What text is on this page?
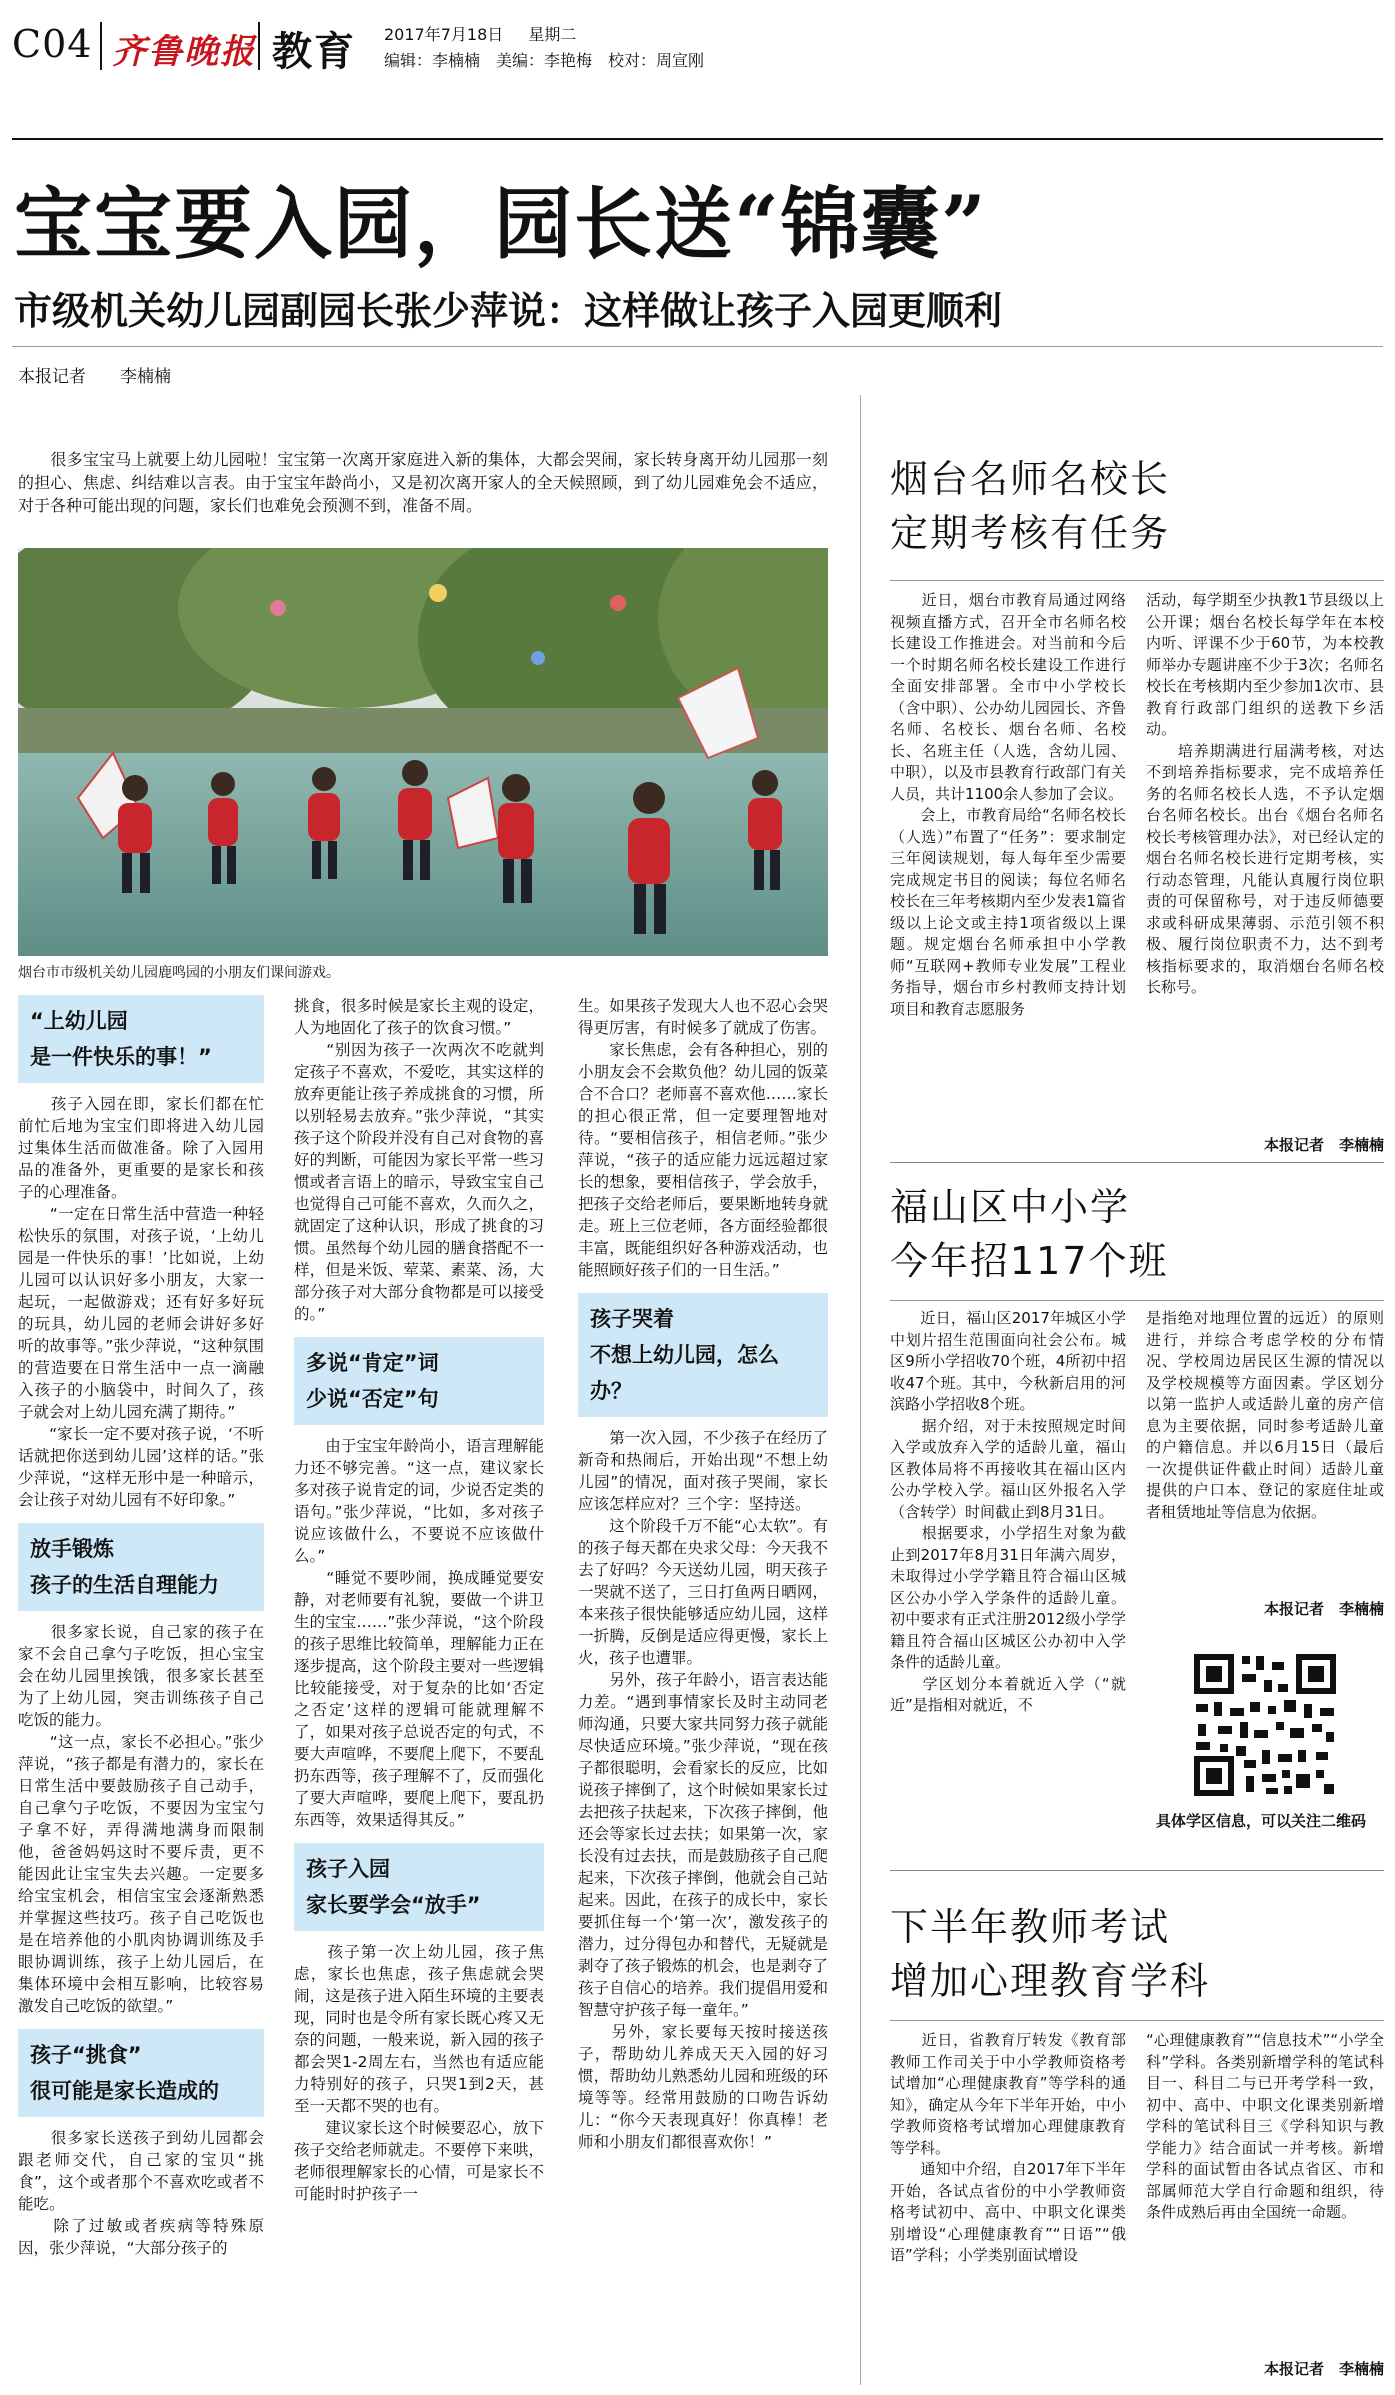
C04 齐鲁晚报 教育 2017年7月18日 星期二
编辑：李楠楠　美编：李艳梅　校对：周宣刚
宝宝要入园，园长送“锦囊”
市级机关幼儿园副园长张少萍说：这样做让孩子入园更顺利
本报记者　　李楠楠

　　很多宝宝马上就要上幼儿园啦！宝宝第一次离开家庭进入新的集体，大都会哭闹，家长转身离开幼儿园那一刻的担心、焦虑、纠结难以言表。由于宝宝年龄尚小，又是初次离开家人的全天候照顾，到了幼儿园难免会不适应，对于各种可能出现的问题，家长们也难免会预测不到，准备不周。

烟台市市级机关幼儿园鹿鸣园的小朋友们课间游戏。
“上幼儿园
是一件快乐的事！”
　　孩子入园在即，家长们都在忙前忙后地为宝宝们即将进入幼儿园过集体生活而做准备。除了入园用品的准备外，更重要的是家长和孩子的心理准备。
　　“一定在日常生活中营造一种轻松快乐的氛围，对孩子说，‘上幼儿园是一件快乐的事！’比如说，上幼儿园可以认识好多小朋友，大家一起玩，一起做游戏；还有好多好玩的玩具，幼儿园的老师会讲好多好听的故事等。”张少萍说，“这种氛围的营造要在日常生活中一点一滴融入孩子的小脑袋中，时间久了，孩子就会对上幼儿园充满了期待。”
　　“家长一定不要对孩子说，‘不听话就把你送到幼儿园’这样的话。”张少萍说，“这样无形中是一种暗示，会让孩子对幼儿园有不好印象。”
放手锻炼
孩子的生活自理能力
　　很多家长说，自己家的孩子在家不会自己拿勺子吃饭，担心宝宝会在幼儿园里挨饿，很多家长甚至为了上幼儿园，突击训练孩子自己吃饭的能力。
　　“这一点，家长不必担心。”张少萍说，“孩子都是有潜力的，家长在日常生活中要鼓励孩子自己动手，自己拿勺子吃饭，不要因为宝宝勺子拿不好，弄得满地满身而限制他，爸爸妈妈这时不要斥责，更不能因此让宝宝失去兴趣。一定要多给宝宝机会，相信宝宝会逐渐熟悉并掌握这些技巧。孩子自己吃饭也是在培养他的小肌肉协调训练及手眼协调训练，孩子上幼儿园后，在集体环境中会相互影响，比较容易激发自己吃饭的欲望。”
孩子“挑食”
很可能是家长造成的
　　很多家长送孩子到幼儿园都会跟老师交代，自己家的宝贝“挑食”，这个或者那个不喜欢吃或者不能吃。
　　除了过敏或者疾病等特殊原因，张少萍说，“大部分孩子的
挑食，很多时候是家长主观的设定，人为地固化了孩子的饮食习惯。”
　　“别因为孩子一次两次不吃就判定孩子不喜欢，不爱吃，其实这样的放弃更能让孩子养成挑食的习惯，所以别轻易去放弃。”张少萍说，“其实孩子这个阶段并没有自己对食物的喜好的判断，可能因为家长平常一些习惯或者言语上的暗示，导致宝宝自己也觉得自己可能不喜欢，久而久之，就固定了这种认识，形成了挑食的习惯。虽然每个幼儿园的膳食搭配不一样，但是米饭、荤菜、素菜、汤，大部分孩子对大部分食物都是可以接受的。”
多说“肯定”词
少说“否定”句
　　由于宝宝年龄尚小，语言理解能力还不够完善。“这一点，建议家长多对孩子说肯定的词，少说否定类的语句。”张少萍说，“比如，多对孩子说应该做什么，不要说不应该做什么。”
　　“睡觉不要吵闹，换成睡觉要安静，对老师要有礼貌，要做一个讲卫生的宝宝……”张少萍说，“这个阶段的孩子思维比较简单，理解能力正在逐步提高，这个阶段主要对一些逻辑比较能接受，对于复杂的比如‘否定之否定’这样的逻辑可能就理解不了，如果对孩子总说否定的句式，不要大声喧哗，不要爬上爬下，不要乱扔东西等，孩子理解不了，反而强化了要大声喧哗，要爬上爬下，要乱扔东西等，效果适得其反。”
孩子入园
家长要学会“放手”
　　孩子第一次上幼儿园，孩子焦虑，家长也焦虑，孩子焦虑就会哭闹，这是孩子进入陌生环境的主要表现，同时也是令所有家长既心疼又无奈的问题，一般来说，新入园的孩子都会哭1-2周左右，当然也有适应能力特别好的孩子，只哭1到2天，甚至一天都不哭的也有。
　　建议家长这个时候要忍心，放下孩子交给老师就走。不要停下来哄，老师很理解家长的心情，可是家长不可能时时护孩子一
生。如果孩子发现大人也不忍心会哭得更厉害，有时候多了就成了伤害。
　　家长焦虑，会有各种担心，别的小朋友会不会欺负他？幼儿园的饭菜合不合口？老师喜不喜欢他……家长的担心很正常，但一定要理智地对待。“要相信孩子，相信老师。”张少萍说，“孩子的适应能力远远超过家长的想象，要相信孩子，学会放手，把孩子交给老师后，要果断地转身就走。班上三位老师，各方面经验都很丰富，既能组织好各种游戏活动，也能照顾好孩子们的一日生活。”
孩子哭着
不想上幼儿园，怎么办？
　　第一次入园，不少孩子在经历了新奇和热闹后，开始出现“不想上幼儿园”的情况，面对孩子哭闹，家长应该怎样应对？三个字：坚持送。
　　这个阶段千万不能“心太软”。有的孩子每天都在央求父母：今天我不去了好吗？今天送幼儿园，明天孩子一哭就不送了，三日打鱼两日晒网，本来孩子很快能够适应幼儿园，这样一折腾，反倒是适应得更慢，家长上火，孩子也遭罪。
　　另外，孩子年龄小，语言表达能力差。“遇到事情家长及时主动同老师沟通，只要大家共同努力孩子就能尽快适应环境。”张少萍说，“现在孩子都很聪明，会看家长的反应，比如说孩子摔倒了，这个时候如果家长过去把孩子扶起来，下次孩子摔倒，他还会等家长过去扶；如果第一次，家长没有过去扶，而是鼓励孩子自己爬起来，下次孩子摔倒，他就会自己站起来。因此，在孩子的成长中，家长要抓住每一个‘第一次’，激发孩子的潜力，过分得包办和替代，无疑就是剥夺了孩子锻炼的机会，也是剥夺了孩子自信心的培养。我们提倡用爱和智慧守护孩子每一童年。”
　　另外，家长要每天按时接送孩子，帮助幼儿养成天天入园的好习惯，帮助幼儿熟悉幼儿园和班级的环境等等。经常用鼓励的口吻告诉幼儿：“你今天表现真好！你真棒！老师和小朋友们都很喜欢你！”
烟台名师名校长
定期考核有任务
　　近日，烟台市教育局通过网络视频直播方式，召开全市名师名校长建设工作推进会。对当前和今后一个时期名师名校长建设工作进行全面安排部署。全市中小学校长（含中职）、公办幼儿园园长、齐鲁名师、名校长、烟台名师、名校长、名班主任（人选，含幼儿园、中职），以及市县教育行政部门有关人员，共计1100余人参加了会议。
　　会上，市教育局给“名师名校长（人选）”布置了“任务”：要求制定三年阅读规划，每人每年至少需要完成规定书目的阅读；每位名师名校长在三年考核期内至少发表1篇省级以上论文或主持1项省级以上课题。规定烟台名师承担中小学教师“互联网+教师专业发展”工程业务指导，烟台市乡村教师支持计划项目和教育志愿服务
活动，每学期至少执教1节县级以上公开课；烟台名校长每学年在本校内听、评课不少于60节，为本校教师举办专题讲座不少于3次；名师名校长在考核期内至少参加1次市、县教育行政部门组织的送教下乡活动。
　　培养期满进行届满考核，对达不到培养指标要求，完不成培养任务的名师名校长人选，不予认定烟台名师名校长。出台《烟台名师名校长考核管理办法》，对已经认定的烟台名师名校长进行定期考核，实行动态管理，凡能认真履行岗位职责的可保留称号，对于违反师德要求或科研成果薄弱、示范引领不积极、履行岗位职责不力，达不到考核指标要求的，取消烟台名师名校长称号。
本报记者　李楠楠
福山区中小学
今年招117个班
　　近日，福山区2017年城区小学中划片招生范围面向社会公布。城区9所小学招收70个班，4所初中招收47个班。其中，今秋新启用的河滨路小学招收8个班。
　　据介绍，对于未按照规定时间入学或放弃入学的适龄儿童，福山区教体局将不再接收其在福山区内公办学校入学。福山区外报名入学（含转学）时间截止到8月31日。
　　根据要求，小学招生对象为截止到2017年8月31日年满六周岁，未取得过小学学籍且符合福山区城区公办小学入学条件的适龄儿童。初中要求有正式注册2012级小学学籍且符合福山区城区公办初中入学条件的适龄儿童。
　　学区划分本着就近入学（“就近”是指相对就近，不
是指绝对地理位置的远近）的原则进行，并综合考虑学校的分布情况、学校周边居民区生源的情况以及学校规模等方面因素。学区划分以第一监护人或适龄儿童的房产信息为主要依据，同时参考适龄儿童的户籍信息。并以6月15日（最后一次提供证件截止时间）适龄儿童提供的户口本、登记的家庭住址或者租赁地址等信息为依据。
本报记者　李楠楠
具体学区信息，可以关注二维码
下半年教师考试
增加心理教育学科
　　近日，省教育厅转发《教育部教师工作司关于中小学教师资格考试增加“心理健康教育”等学科的通知》，确定从今年下半年开始，中小学教师资格考试增加心理健康教育等学科。
　　通知中介绍，自2017年下半年开始，各试点省份的中小学教师资格考试初中、高中、中职文化课类别增设“心理健康教育”“日语”“俄语”学科；小学类别面试增设
“心理健康教育”“信息技术”“小学全科”学科。各类别新增学科的笔试科目一、科目二与已开考学科一致，初中、高中、中职文化课类别新增学科的笔试科目三《学科知识与教学能力》结合面试一并考核。新增学科的面试暂由各试点省区、市和部属师范大学自行命题和组织，待条件成熟后再由全国统一命题。
本报记者　李楠楠
